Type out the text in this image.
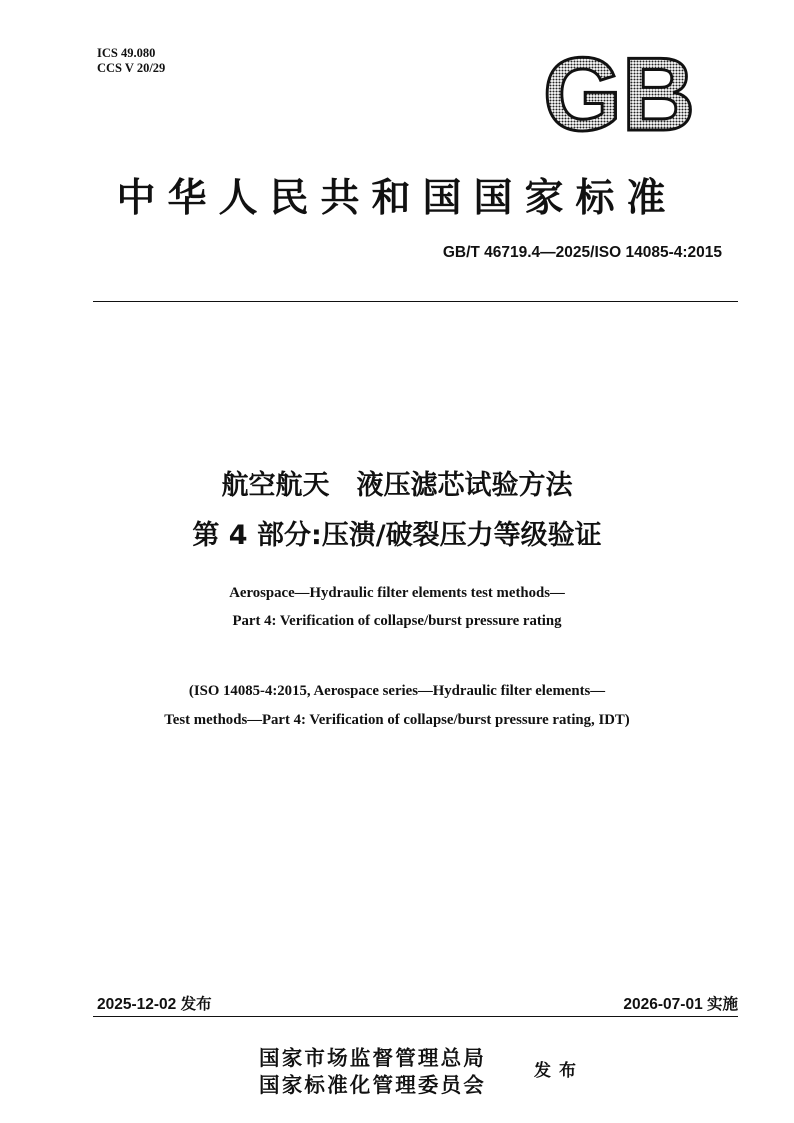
ICS 49.080
CCS V 20/29	GB
中华人民共和国国家标准
GB/T 46719.4—2025/ISO 14085-4:2015
航空航天　液压滤芯试验方法
第 4 部分:压溃/破裂压力等级验证
Aerospace—Hydraulic filter elements test methods—
Part 4: Verification of collapse/burst pressure rating
(ISO 14085-4:2015, Aerospace series—Hydraulic filter elements—
Test methods—Part 4: Verification of collapse/burst pressure rating, IDT)
2025-12-02 发布	2026-07-01 实施
国家市场监督管理总局
国家标准化管理委员会
发布
